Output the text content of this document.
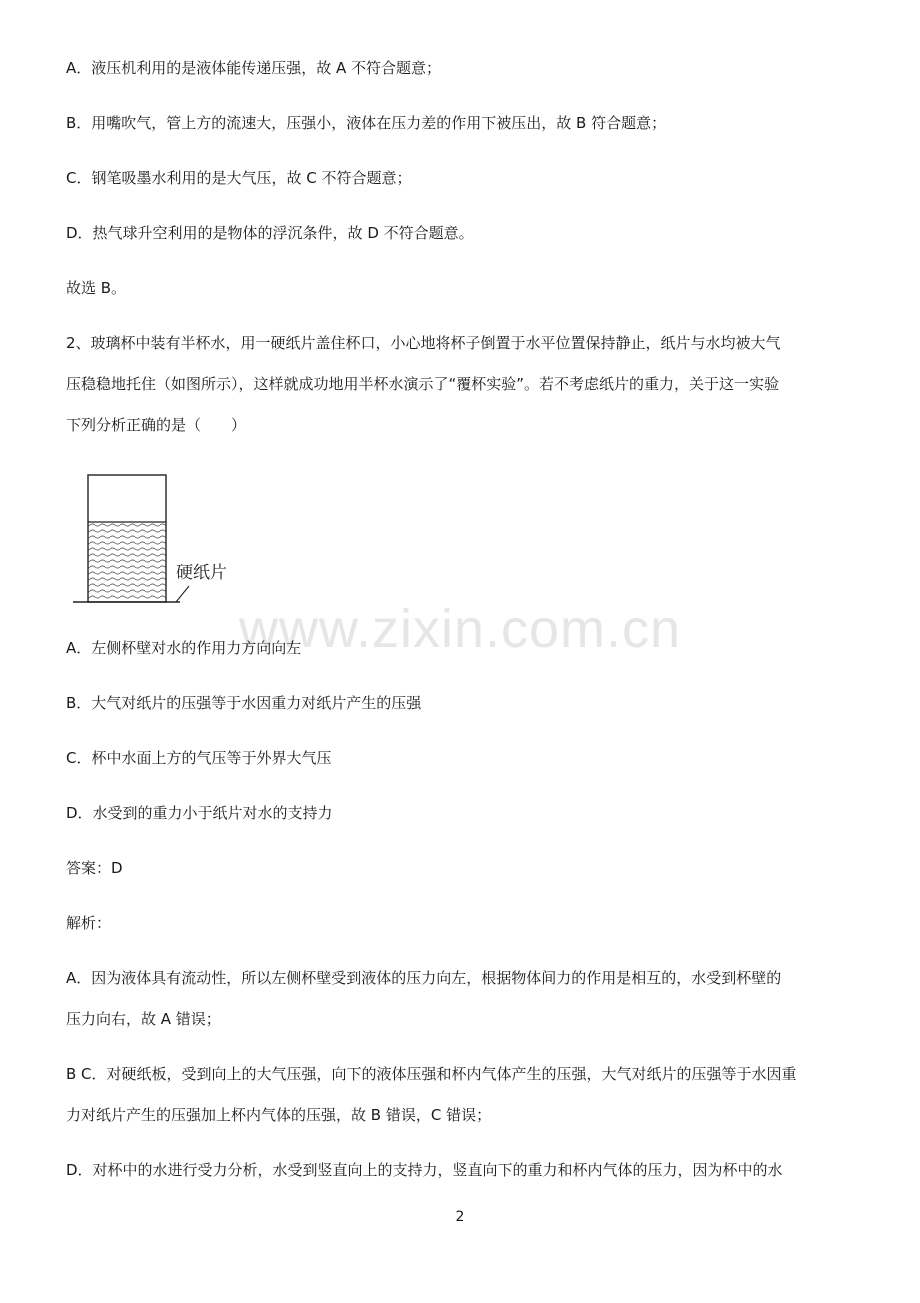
www.zixin.com.cn
A．液压机利用的是液体能传递压强，故 A 不符合题意；
B．用嘴吹气，管上方的流速大，压强小，液体在压力差的作用下被压出，故 B 符合题意；
C．钢笔吸墨水利用的是大气压，故 C 不符合题意；
D．热气球升空利用的是物体的浮沉条件，故 D 不符合题意。
故选 B。
2、玻璃杯中装有半杯水，用一硬纸片盖住杯口，小心地将杯子倒置于水平位置保持静止，纸片与水均被大气
压稳稳地托住（如图所示），这样就成功地用半杯水演示了“覆杯实验”。若不考虑纸片的重力，关于这一实验
下列分析正确的是（　　）
硬纸片
A．左侧杯壁对水的作用力方向向左
B．大气对纸片的压强等于水因重力对纸片产生的压强
C．杯中水面上方的气压等于外界大气压
D．水受到的重力小于纸片对水的支持力
答案：D
解析：
A．因为液体具有流动性，所以左侧杯壁受到液体的压力向左，根据物体间力的作用是相互的，水受到杯壁的
压力向右，故 A 错误；
B C．对硬纸板，受到向上的大气压强，向下的液体压强和杯内气体产生的压强，大气对纸片的压强等于水因重
力对纸片产生的压强加上杯内气体的压强，故 B 错误，C 错误；
D．对杯中的水进行受力分析，水受到竖直向上的支持力，竖直向下的重力和杯内气体的压力，因为杯中的水
2
